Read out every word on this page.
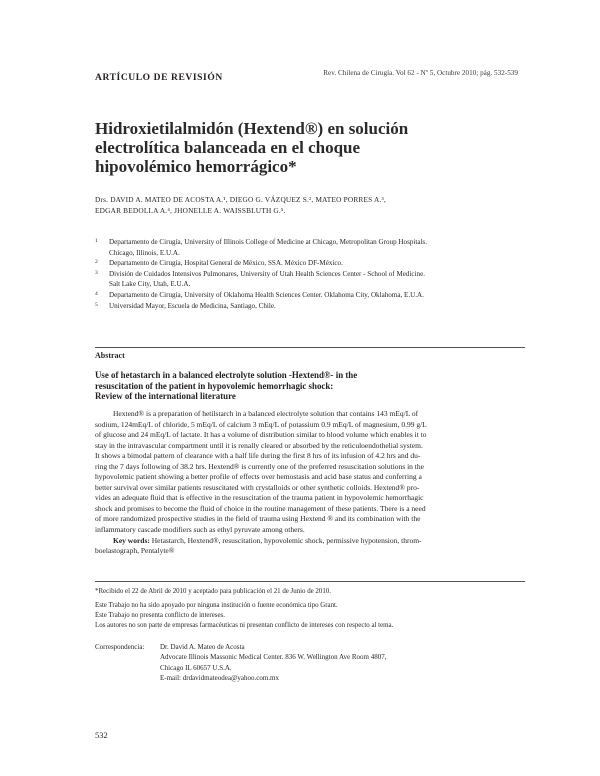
ARTÍCULO DE REVISIÓN	Rev. Chilena de Cirugía. Vol 62 - Nº 5, Octubre 2010; pág. 532-539
Hidroxietilalmidón (Hextend®) en solución
electrolítica balanceada en el choque
hipovolémico hemorrágico*
Drs. DAVID A. MATEO DE ACOSTA A.¹, DIEGO G. VÁZQUEZ S.², MATEO PORRES A.³,
EDGAR BEDOLLA A.⁴, JHONELLE A. WAISSBLUTH G.⁵.
1 Departamento de Cirugía, University of Illinois College of Medicine at Chicago, Metropolitan Group Hospitals.
Chicago, Illinois, E.U.A.
2 Departamento de Cirugía, Hospital General de México, SSA. México DF-México.
3 División de Cuidados Intensivos Pulmonares, University of Utah Health Sciences Center - School of Medicine.
Salt Lake City, Utah, E.U.A.
4 Departamento de Cirugía, University of Oklahoma Health Sciences Center. Oklahoma City, Oklahoma, E.U.A.
5 Universidad Mayor, Escuela de Medicina, Santiago, Chile.
Abstract
Use of hetastarch in a balanced electrolyte solution -Hextend®- in the
resuscitation of the patient in hypovolemic hemorrhagic shock:
Review of the international literature
Hextend® is a preparation of hetilstarch in a balanced electrolyte solution that contains 143 mEq/L of
sodium, 124mEq/L of chloride, 5 mEq/L of calcium 3 mEq/L of potassium 0.9 mEq/L of magnesium, 0.99 g/L
of glucose and 24 mEq/L of lactate. It has a volume of distribution similar to blood volume which enables it to
stay in the intravascular compartment until it is renally cleared or absorbed by the reticuloendothelial system.
It shows a bimodal pattern of clearance with a half life during the first 8 hrs of its infusion of 4.2 hrs and du-
ring the 7 days following of 38.2 hrs. Hextend® is currently one of the preferred resuscitation solutions in the
hypovolemic patient showing a better profile of effects over hemostasis and acid base status and conferring a
better survival over similar patients resuscitated with crystalloids or other synthetic colloids. Hextend® pro-
vides an adequate fluid that is effective in the resuscitation of the trauma patient in hypovolemic hemorrhagic
shock and promises to become the fluid of choice in the routine management of these patients. There is a need
of more randomized prospective studies in the field of trauma using Hextend ® and its combination with the
inflammatory cascade modifiers such as ethyl pyruvate among others.
Key words: Hetastarch, Hextend®, resuscitation, hypovolemic shock, permissive hypotension, throm-
boelastograph, Pentalyte®
*Recibido el 22 de Abril de 2010 y aceptado para publicación el 21 de Junio de 2010.
Este Trabajo no ha sido apoyado por ninguna institución o fuente económica tipo Grant.
Este Trabajo no presenta conflicto de intereses.
Los autores no son parte de empresas farmacéuticas ni presentan conflicto de intereses con respecto al tema.
Correspondencia:	Dr. David A. Mateo de Acosta
Advocate Illinois Massonic Medical Center. 836 W. Wellington Ave Room 4807,
Chicago IL 60657 U.S.A.
E-mail: drdavidmateodea@yahoo.com.mx
532
